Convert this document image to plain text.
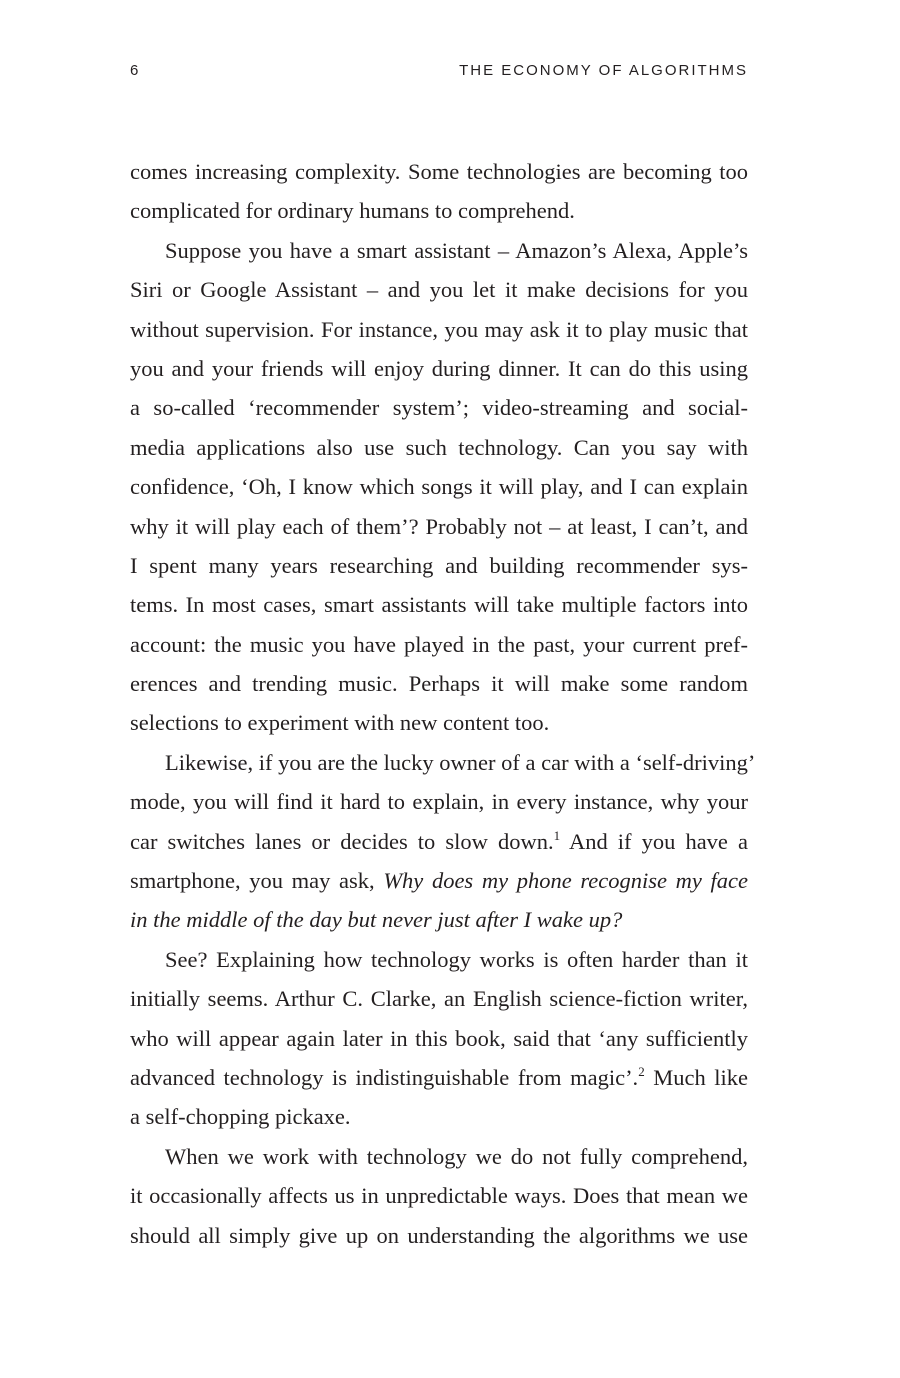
6	THE ECONOMY OF ALGORITHMS
comes increasing complexity. Some technologies are becoming too
complicated for ordinary humans to comprehend.
Suppose you have a smart assistant – Amazon’s Alexa, Apple’s
Siri or Google Assistant – and you let it make decisions for you
without supervision. For instance, you may ask it to play music that
you and your friends will enjoy during dinner. It can do this using
a so-called ‘recommender system’; video-streaming and social-
media applications also use such technology. Can you say with
confidence, ‘Oh, I know which songs it will play, and I can explain
why it will play each of them’? Probably not – at least, I can’t, and
I spent many years researching and building recommender sys-
tems. In most cases, smart assistants will take multiple factors into
account: the music you have played in the past, your current pref-
erences and trending music. Perhaps it will make some random
selections to experiment with new content too.
Likewise, if you are the lucky owner of a car with a ‘self-driving’
mode, you will find it hard to explain, in every instance, why your
car switches lanes or decides to slow down.$^1$ And if you have a
smartphone, you may ask, Why does my phone recognise my face
in the middle of the day but never just after I wake up?
See? Explaining how technology works is often harder than it
initially seems. Arthur C. Clarke, an English science-fiction writer,
who will appear again later in this book, said that ‘any sufficiently
advanced technology is indistinguishable from magic’.$^2$ Much like
a self-chopping pickaxe.
When we work with technology we do not fully comprehend,
it occasionally affects us in unpredictable ways. Does that mean we
should all simply give up on understanding the algorithms we use
